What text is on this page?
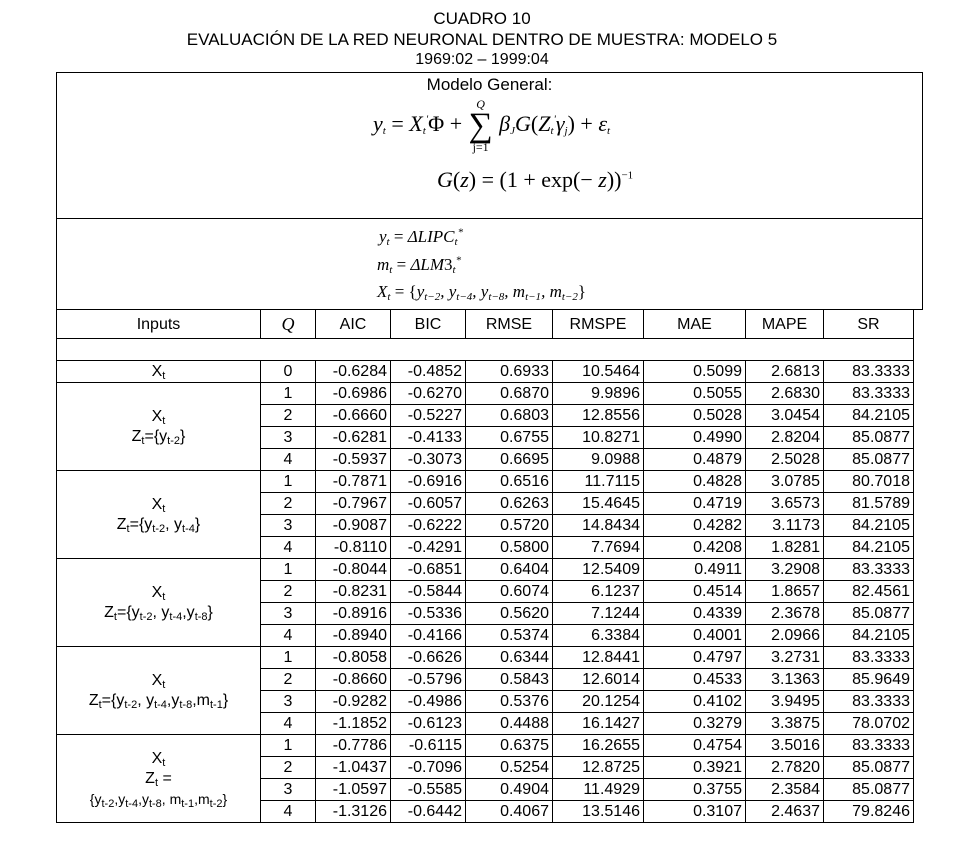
CUADRO 10
EVALUACIÓN DE LA RED NEURONAL DENTRO DE MUESTRA: MODELO 5
1969:02 – 1999:04
Modelo General:
$y_t = X_t'\Phi$ +
Q
∑
j=1
$\beta_JG(Z_t'\gamma_j) + \varepsilon_t$
$G(z) = (1 + \exp(- z))^{-1}$
$y_t$ = $\Delta LIPC_t^*$
$m_t = \Delta LM3_t^*$
$X_t = \{y_{t-2}$, $y_{t-4}$, $y_{t-8}$, $m_{t-1}$, $m_{t-2}$}
Inputs	Q	AIC	BIC	RMSE	RMSPE	MAE	MAPE	SR

$X_t$	0	-0.6284	-0.4852	0.6933	10.5464	0.5099	2.6813	83.3333

$X_t$
$Z_t=\{y_{t-2}\}$	1	-0.6986	-0.6270	0.6870	9.9896	0.5055	2.6830	83.3333
	2	-0.6660	-0.5227	0.6803	12.8556	0.5028	3.0454	84.2105
	3	-0.6281	-0.4133	0.6755	10.8271	0.4990	2.8204	85.0877
	4	-0.5937	-0.3073	0.6695	9.0988	0.4879	2.5028	85.0877

$X_t$
$Z_t=\{y_{t-2}$, $y_{t-4}$}	1	-0.7871	-0.6916	0.6516	11.7115	0.4828	3.0785	80.7018
	2	-0.7967	-0.6057	0.6263	15.4645	0.4719	3.6573	81.5789
	3	-0.9087	-0.6222	0.5720	14.8434	0.4282	3.1173	84.2105
	4	-0.8110	-0.4291	0.5800	7.7694	0.4208	1.8281	84.2105

$X_t$
$Z_t=\{y_{t-2}$, $y_{t-4},y_{t-8}$}	1	-0.8044	-0.6851	0.6404	12.5409	0.4911	3.2908	83.3333
	2	-0.8231	-0.5844	0.6074	6.1237	0.4514	1.8657	82.4561
	3	-0.8916	-0.5336	0.5620	7.1244	0.4339	2.3678	85.0877
	4	-0.8940	-0.4166	0.5374	6.3384	0.4001	2.0966	84.2105

$X_t$
$Z_t=\{y_{t-2}$, $y_{t-4},y_{t-8},m_{t-1}$}	1	-0.8058	-0.6626	0.6344	12.8441	0.4797	3.2731	83.3333
	2	-0.8660	-0.5796	0.5843	12.6014	0.4533	3.1363	85.9649
	3	-0.9282	-0.4986	0.5376	20.1254	0.4102	3.9495	83.3333
	4	-1.1852	-0.6123	0.4488	16.1427	0.3279	3.3875	78.0702

$X_t$
$Z_t$ =
{$y_{t-2},y_{t-4},y_{t-8}$, $m_{t-1},m_{t-2}$}	1	-0.7786	-0.6115	0.6375	16.2655	0.4754	3.5016	83.3333
	2	-1.0437	-0.7096	0.5254	12.8725	0.3921	2.7820	85.0877
	3	-1.0597	-0.5585	0.4904	11.4929	0.3755	2.3584	85.0877
	4	-1.3126	-0.6442	0.4067	13.5146	0.3107	2.4637	79.8246
